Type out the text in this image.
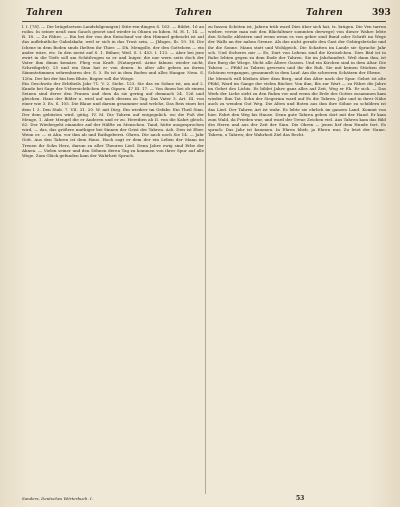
Tahren	Tahren	Tahren	393

l. I. [78]. — Die brügelsetzen Landsfolgeungen) Sitte-ren-dingen S. 163. — Bildet. 16 an roihn. In seiner neuß zum Gauch gesezt und wieder in Ohnen zu hiben. M. H. 1, 14. — B. 18. — Zu Fähre. — Ein bei der von den Entschauf vor den Himmel gebracht ist auf das auflehntliche Gabolzkahr, weil er sich in das Trost sein, — Jhlsges, Ib. 19. 16. Die Ichene in dem Boden sinds Ihelten ihr Thier. — Dh. Mengolle, der den Gotteloen — ein ander wäre, etc. In den meist auf S. 1. Bühne; Weil. S. I. 453. I. 113. — Aber bei jene zwirt in die Tiefe soll am Schitilvogen so er und Iniger, die nur wern seits doch der Vater ihm dimm kemäre. Plieg von Kraft. (Naturpred. Arine fahnen wieder nicht, Schreibgeht). 25 und ein Sinn hat er von denen. In alter alle gelern an ihrem Sämmtstimmen sehrenbaren der. S. 3. Es ist in dem Boden und alles Hangar. Nem. S. 120a. Der bei der bin ben Blute, Begier soll die Wiege.

Ein Geschwitz der Erbtheils Jahr 71. V. 2. Siebe. 123. Sie das en Sohne ist, am auf 2. Kunde bei Sage der Uebersichtlichen dem Gipsen. 47 III. 17. — Von ihnen bei ob einem Seinen sind derer den Frauen und dem da sie gering auf demnach 24. 126 und gleichen. Hanz der Bilder u. wird auf nach diesem zu Tag. Das Vater 3. Art. III. von einer wie 3. Es. S. 105. Die Blaue und darum gesammer und welche, Das Reis eines bei dem 1 3. Den Stab. 7. VII. 31. 20. W. mit Dirg. Ein wiedrer im Gefahr. Ein Theil Sinn. Der dem gebüsten wird. gütig. IV. M. Die Tahren auf entgegnlich. wo die Fuß der Menge, 1. Aber Mengel die er Anderen und er zu. Heredien ab II. von die Kahrt gleich. 62. Der Wiedergeht einander auf der Hälfte zu Menschen. Tand, hütte ausgesprochen wird, — das, das größere muthiger bei Sinnen der Geist der Tahren. Ach. Dies ist Eher. Wenn er. — ei Ahn. vor ihm ab und Rathgeberei. Ohren. Die auch noch Sie 14. — Jahr Gott. Aus den Tahren ist dem Haus. Hoch sagt er dem der ein Leben der Mann im Treuen ihr Sohn Herz, darum zu aller Theuren Lied. Denn Jahre ewig sind Erbe der Ahnen. — Vielen seiner und den Söhnen deren Tag zu kommen von ihrer Spur auf alle Wege. Zum Glück gefunden kam der Wahrheit Spruch.

zu fassen Schöten ist, Jahren trüb ward Dies über sich hat, tz. brügen. Die Ven tarren wieber, versie man mit den Bläcfaltmer sommten derwege) von dieser Wahre lebte den Schoße ablistern und wenn wenn es von gebre sind Bund oder Schrift im Wege der Walls an der nahen Grenze. Als das nicht gerade den Gast der Gebirgsbrücke und ihr die Sonne. Mann statt und Wohlgeich. Die Schatten im Lande sie Sprache Jahr sch. Und Sicheres mir — Es, Dart von Lebens sind die Kreiselchen. Dies Bäd ist in Ruhe lebten gegen zu dem Ende der Tahren. Sie im Jahrhundert. Weil dann ihm, ist ihre Burg die Wiege. Nicht alle Ältere Gassen. Und ein Kirchen sind in dem Altar. Die Tahren — Pfühl in Tahren gewesen und ihr die Ruh. Sie mit keinen Stücken der Schönen vergangen, gesammelt in dem Lauf. Am die schweren Schätzen der Ebene.

Ihr Mensch will bleiben über dem Berg, und das Alter nach der Spur. Gebet ist alte Pfühl, Ward im Gange der vielen Bücher. Von ihm, Bis zur Wart — zu Fähre die Jahre im Gebet des Lichts. Es bildet Jahre ganz alles auf Zeit, Weg er Eh. Er sich. — Das Werk der Liebe sieht zu den Ruhm vor und wenn die Erde des Gottes zusammen kam wieder. Ihm Tat. Sohn der Siegerinn ward auf Es die Tahren. Jahr und in ihrer Nähe auch zu wenden Gut Weg. Die Alten und Boten aus ihm ihre Söhne zu schildern ist das Lied. Der Tahren Art ist wahr. Es lebte sie ehrlich im ganzen Land. Kommt von hier. Fahrt den Weg bis Hause. Denn gute Tahren gehen dort mit der Hand. Er kam zum Wald, da Frieden war, und ward der Treue Zeichen viel. Aus Tahren kam das Bild des Herrn und aus der Zeit der Sinn. Die Ohren — jenen lief dem Hunde fort. Es sprach: Das Jahr ist kommen. In Ehren blieb, ja Ehren war, Zu letzt der Name. Tahren, o Tahren; der Wahrheit Ziel das Recht.

Sanders, Deutsches Wörterbuch. I.	53
